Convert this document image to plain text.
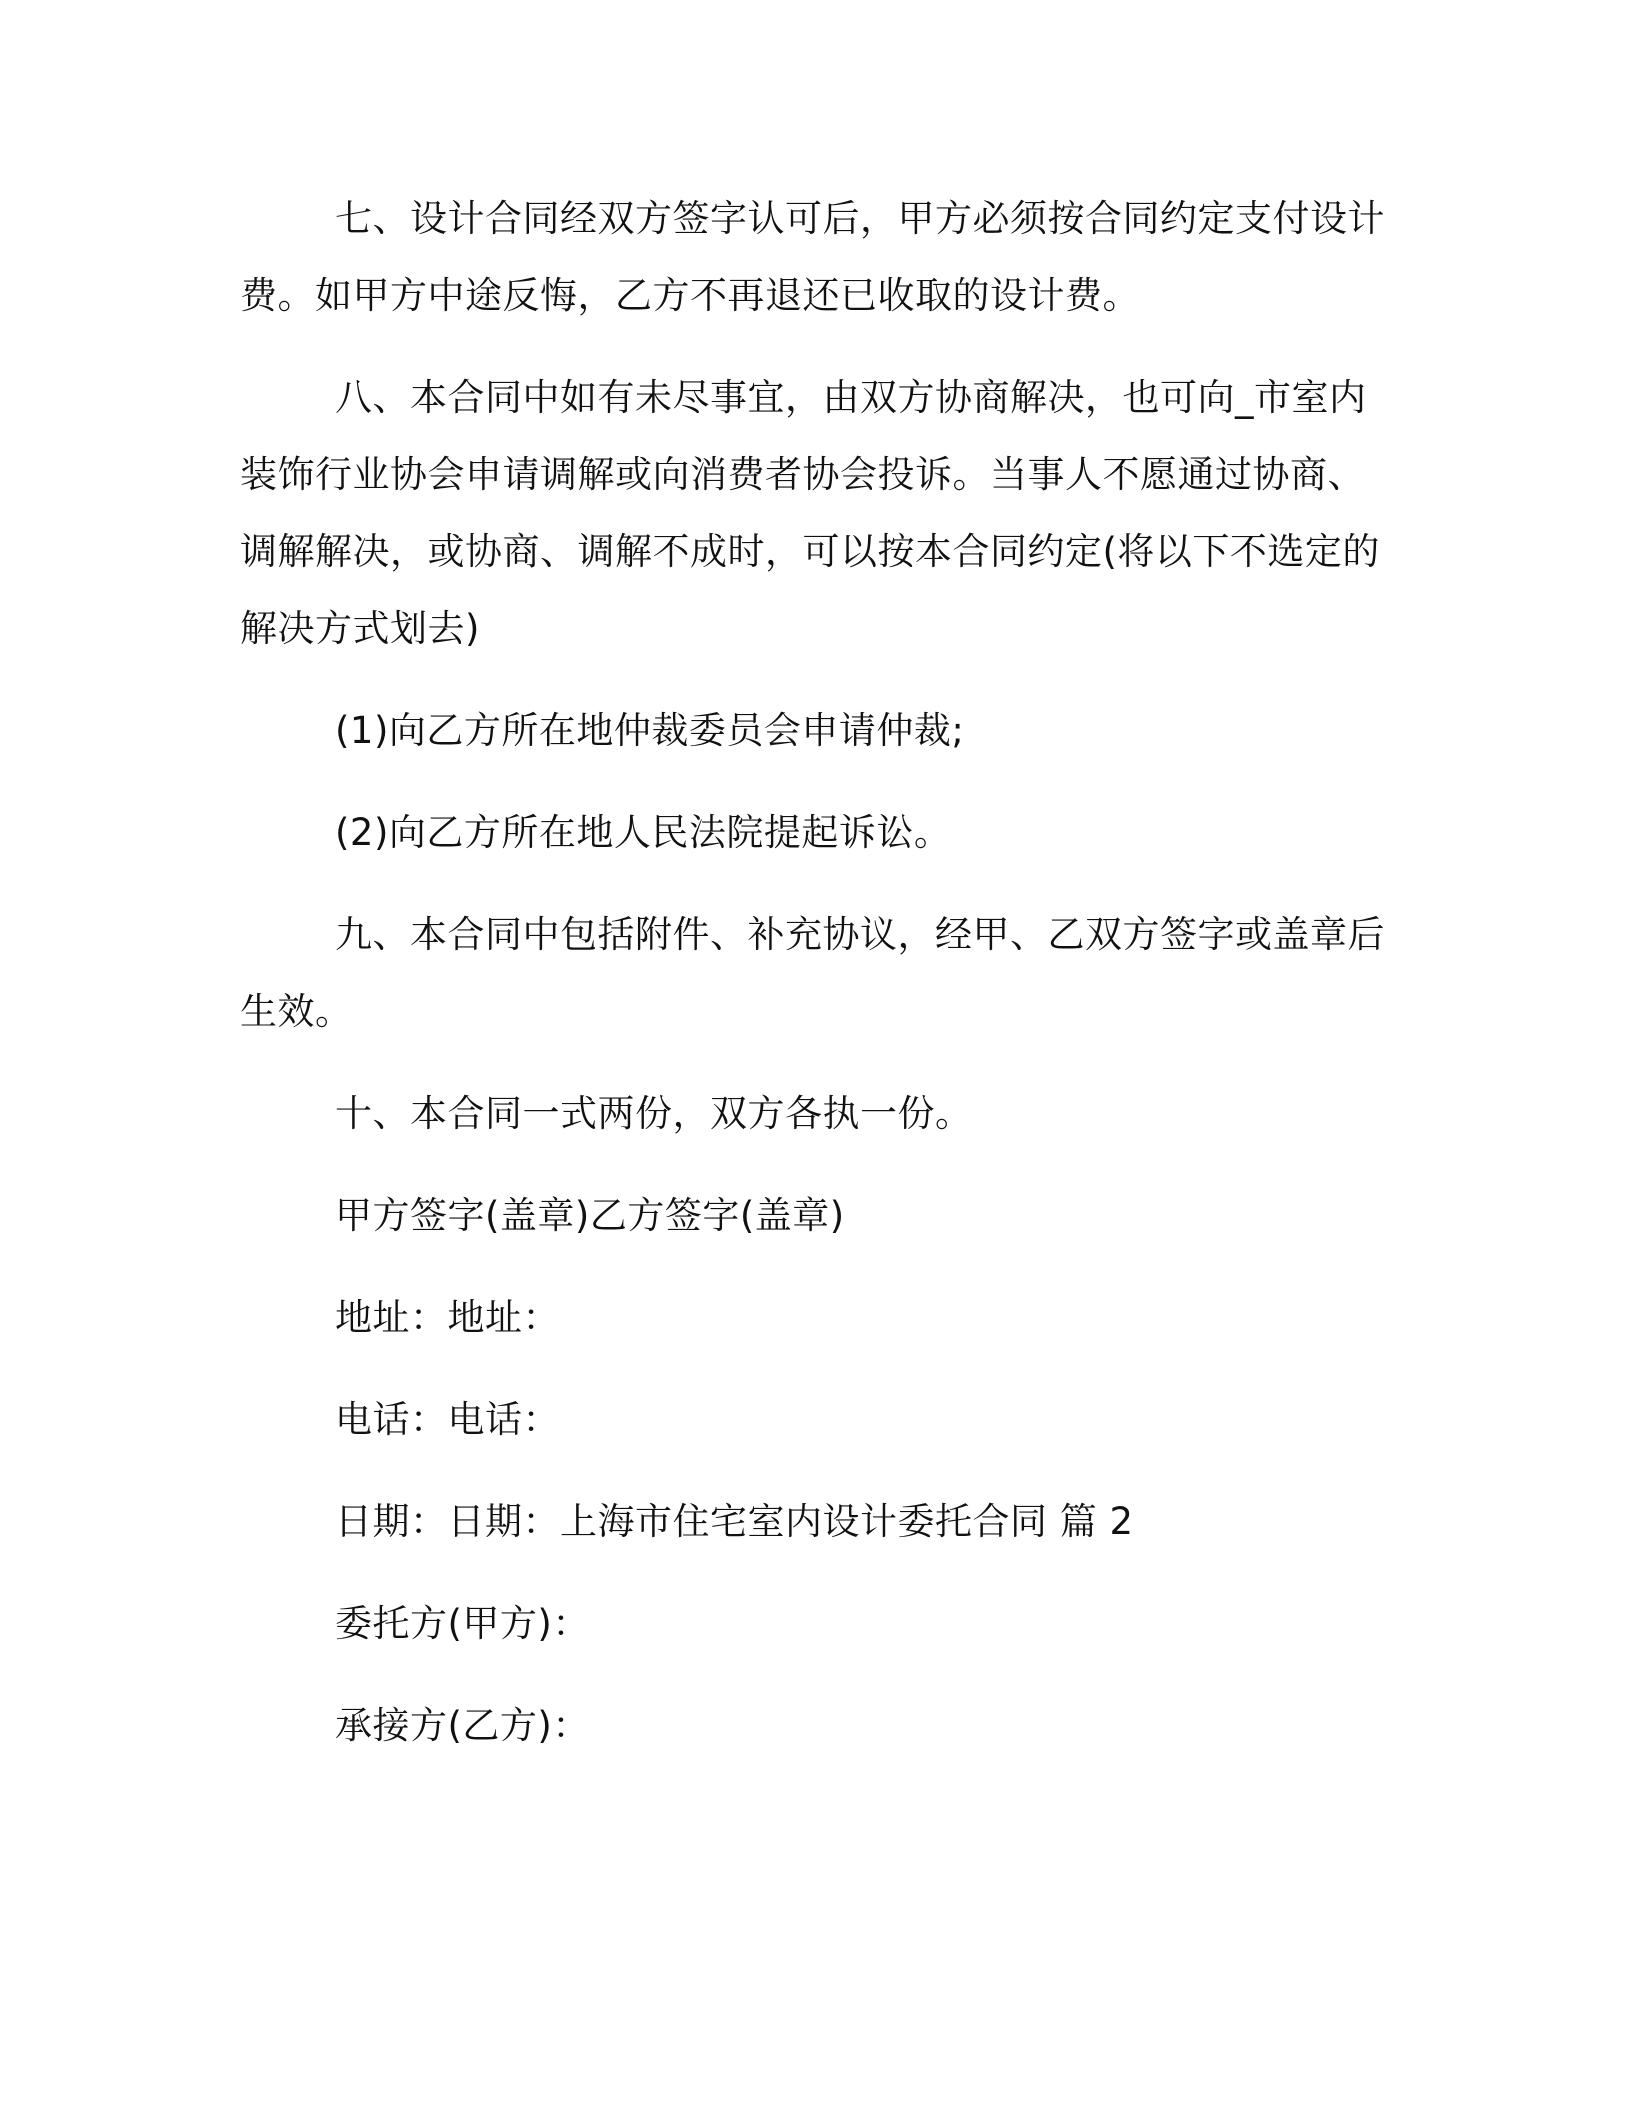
七、设计合同经双方签字认可后，甲方必须按合同约定支付设计费。如甲方中途反悔，乙方不再退还已收取的设计费。

八、本合同中如有未尽事宜，由双方协商解决，也可向_市室内装饰行业协会申请调解或向消费者协会投诉。当事人不愿通过协商、调解解决，或协商、调解不成时，可以按本合同约定(将以下不选定的解决方式划去)

(1)向乙方所在地仲裁委员会申请仲裁;

(2)向乙方所在地人民法院提起诉讼。

九、本合同中包括附件、补充协议，经甲、乙双方签字或盖章后生效。

十、本合同一式两份，双方各执一份。

甲方签字(盖章)乙方签字(盖章)

地址：地址：

电话：电话：

日期：日期：上海市住宅室内设计委托合同 篇 2

委托方(甲方)：

承接方(乙方)：
